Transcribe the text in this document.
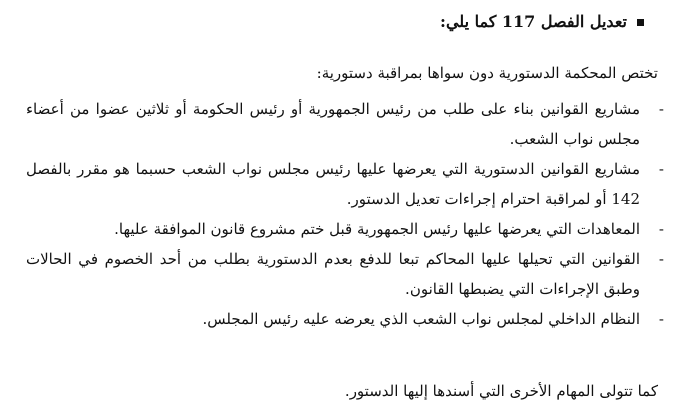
تعديل الفصل 117 كما يلي:
تختص المحكمة الدستورية دون سواها بمراقبة دستورية:
-
مشاريع القوانين بناء على طلب من رئيس الجمهورية أو رئيس الحكومة أو ثلاثين عضوا من أعضاء مجلس نواب الشعب.
-
مشاريع القوانين الدستورية التي يعرضها عليها رئيس مجلس نواب الشعب حسبما هو مقرر بالفصل 142 أو لمراقبة احترام إجراءات تعديل الدستور.
-
المعاهدات التي يعرضها عليها رئيس الجمهورية قبل ختم مشروع قانون الموافقة عليها.
-
القوانين التي تحيلها عليها المحاكم تبعا للدفع بعدم الدستورية بطلب من أحد الخصوم في الحالات وطبق الإجراءات التي يضبطها القانون.
-
النظام الداخلي لمجلس نواب الشعب الذي يعرضه عليه رئيس المجلس.
كما تتولى المهام الأخرى التي أسندها إليها الدستور.
